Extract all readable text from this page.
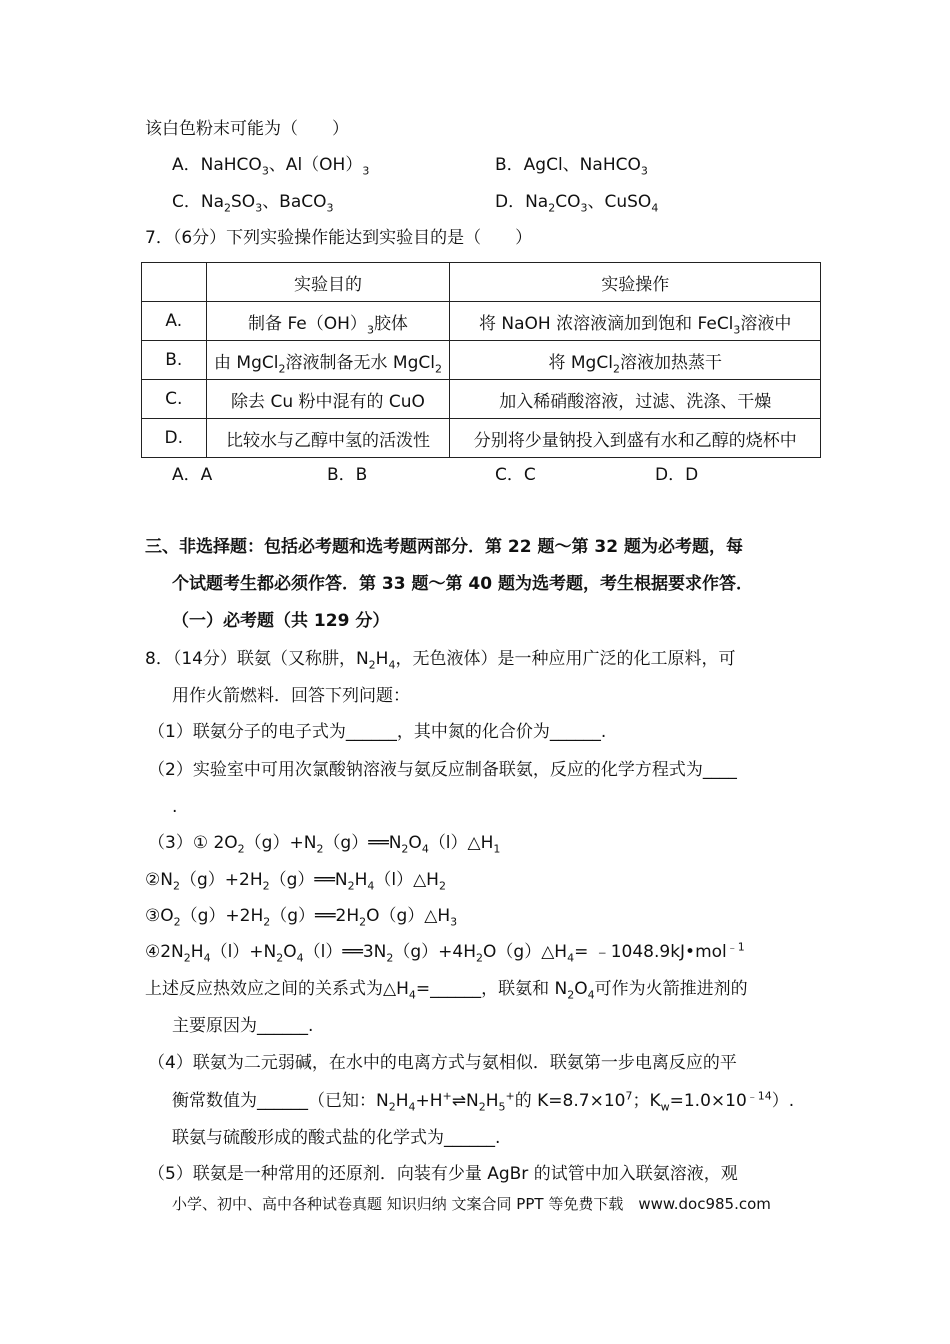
该白色粉末可能为（　　）
A．NaHCO$_3$、$Al(OH)_3$	B．AgCl、NaHCO$_3$
C．$Na_2SO_3$、BaCO$_3$	D．$Na_2CO_3$、CuSO$_4$
7．（6分）下列实验操作能达到实验目的是（　　）
	实验目的	实验操作
A.	制备 $Fe(OH)_3$胶体	将 NaOH 浓溶液滴加到饱和 FeCl$_3$溶液中
B.	由 MgCl$_2$溶液制备无水 MgCl$_2$	将 MgCl$_2$溶液加热蒸干
C.	除去 Cu 粉中混有的 CuO	加入稀硝酸溶液，过滤、洗涤、干燥
D.	比较水与乙醇中氢的活泼性	分别将少量钠投入到盛有水和乙醇的烧杯中
A．A	B．B	C．C	D．D
三、非选择题：包括必考题和选考题两部分．第 22 题～第 32 题为必考题，每
个试题考生都必须作答．第 33 题～第 40 题为选考题，考生根据要求作答．
（一）必考题（共 129 分）
8．（14分）联氨（又称肼，$N_2H_4$，无色液体）是一种应用广泛的化工原料，可
用作火箭燃料．回答下列问题：
（1）联氨分子的电子式为______，其中氮的化合价为______.
（2）实验室中可用次氯酸钠溶液与氨反应制备联氨，反应的化学方程式为____
.
（3）① $2O_2(g)+N_2(g)══N_2O_4(l)\triangle H_1$
$②N_2(g)+2H_2(g)══N_2H_4(l)\triangle H_2$
$③O_2(g)+2H_2(g)══2H_2O(g)\triangle H_3$
$④2N_2H_4(l)+N_2O_4(l)══3N_2(g)+4H_2O(g)\triangle H_4=$ ﹣1048.9kJ•mol$^{﹣1}$
上述反应热效应之间的关系式为$\triangle H_4=\_\_\_\_\_\_$，联氨和 $N_2O_4$可作为火箭推进剂的
主要原因为______.
（4）联氨为二元弱碱，在水中的电离方式与氨相似．联氨第一步电离反应的平
衡常数值为______（已知：$N_2H_4+H^+\rightleftharpoons N_2H_5^+$的 $K=8.7\times 10^7$；$K_w=1.0\times 10^{﹣14}$）.
联氨与硫酸形成的酸式盐的化学式为______.
（5）联氨是一种常用的还原剂．向装有少量 AgBr 的试管中加入联氨溶液，观
小学、初中、高中各种试卷真题 知识归纳 文案合同 PPT 等免费下载　www.doc985.com
